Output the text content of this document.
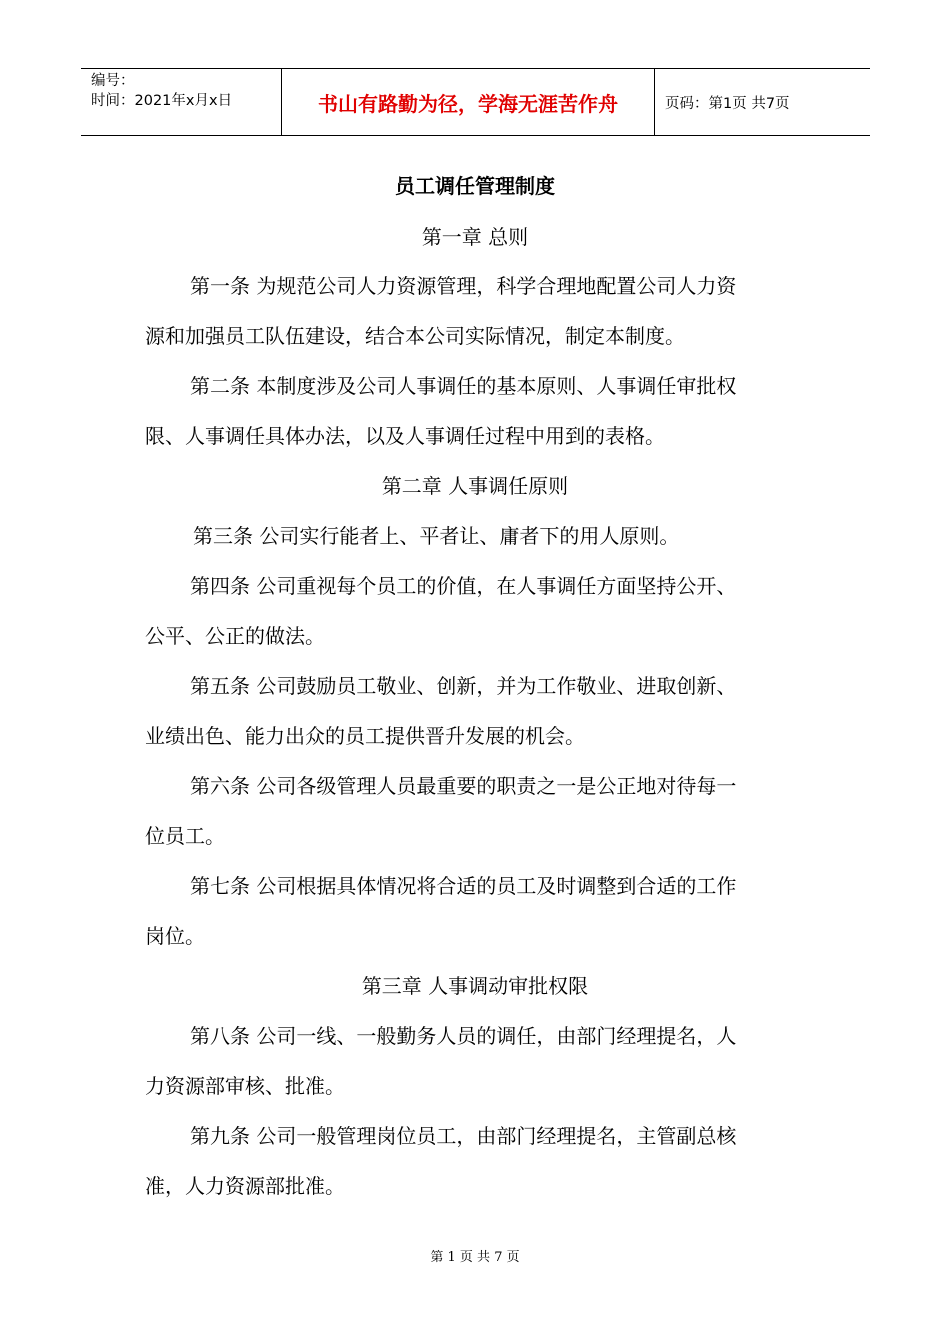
编号：
时间：2021年x月x日	书山有路勤为径，学海无涯苦作舟	页码：第1页 共7页
员工调任管理制度
第一章 总则
第一条 为规范公司人力资源管理，科学合理地配置公司人力资
源和加强员工队伍建设，结合本公司实际情况，制定本制度。
第二条 本制度涉及公司人事调任的基本原则、人事调任审批权
限、人事调任具体办法，以及人事调任过程中用到的表格。
第二章 人事调任原则
第三条 公司实行能者上、平者让、庸者下的用人原则。
第四条 公司重视每个员工的价值，在人事调任方面坚持公开、
公平、公正的做法。
第五条 公司鼓励员工敬业、创新，并为工作敬业、进取创新、
业绩出色、能力出众的员工提供晋升发展的机会。
第六条 公司各级管理人员最重要的职责之一是公正地对待每一
位员工。
第七条 公司根据具体情况将合适的员工及时调整到合适的工作
岗位。
第三章 人事调动审批权限
第八条 公司一线、一般勤务人员的调任，由部门经理提名，人
力资源部审核、批准。
第九条 公司一般管理岗位员工，由部门经理提名，主管副总核
准，人力资源部批准。
第 1 页 共 7 页
